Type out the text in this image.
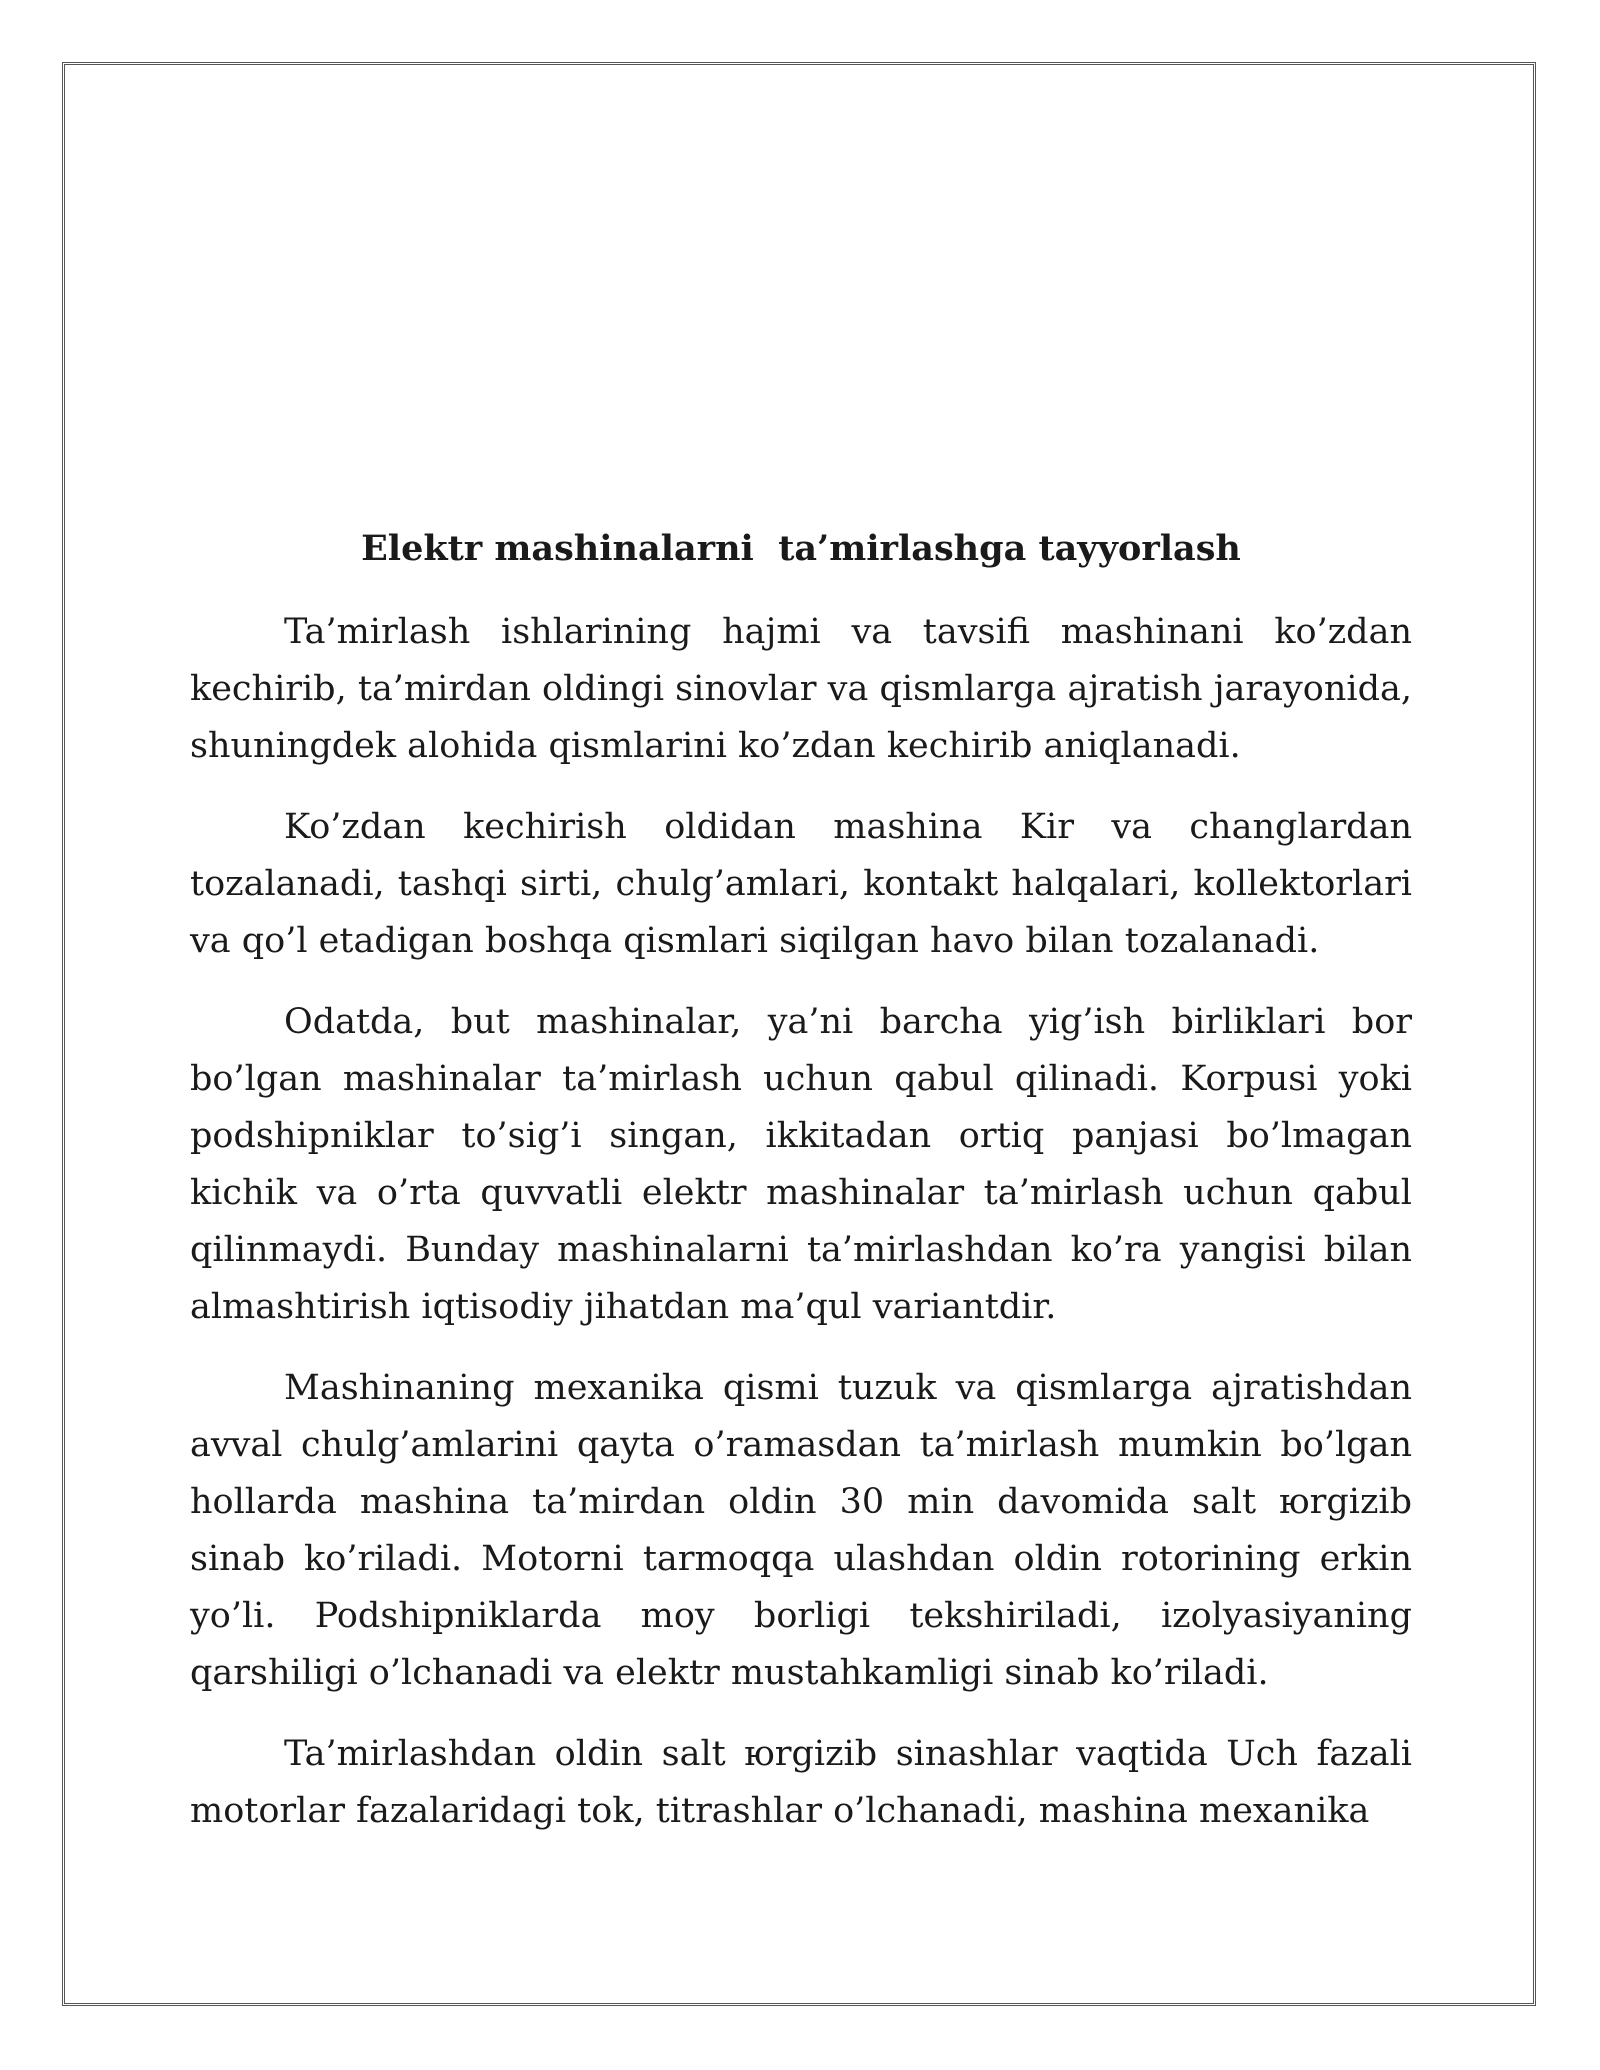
Elektr mashinalarni  ta’mirlashga tayyorlash

Ta’mirlash ishlarining hajmi va tavsifi mashinani ko’zdan kechirib, ta’mirdan oldingi sinovlar va qismlarga ajratish jarayonida, shuningdek alohida qismlarini ko’zdan kechirib aniqlanadi.

Ko’zdan kechirish oldidan mashina Kir va changlardan tozalanadi, tashqi sirti, chulg’amlari, kontakt halqalari, kollektorlari va qo’l etadigan boshqa qismlari siqilgan havo bilan tozalanadi.

Odatda, but mashinalar, ya’ni barcha yig’ish birliklari bor bo’lgan mashinalar ta’mirlash uchun qabul qilinadi. Korpusi yoki podshipniklar to’sig’i singan, ikkitadan ortiq panjasi bo’lmagan kichik va o’rta quvvatli elektr mashinalar ta’mirlash uchun qabul qilinmaydi. Bunday mashinalarni ta’mirlashdan ko’ra yangisi bilan almashtirish iqtisodiy jihatdan ma’qul variantdir.

Mashinaning mexanika qismi tuzuk va qismlarga ajratishdan avval chulg’amlarini qayta o’ramasdan ta’mirlash mumkin bo’lgan hollarda mashina ta’mirdan oldin 30 min davomida salt юrgizib sinab ko’riladi. Motorni tarmoqqa ulashdan oldin rotorining erkin yo’li. Podshipniklarda moy borligi tekshiriladi, izolyasiyaning qarshiligi o’lchanadi va elektr mustahkamligi sinab ko’riladi.

Ta’mirlashdan oldin salt юrgizib sinashlar vaqtida Uch fazali motorlar fazalaridagi tok, titrashlar o’lchanadi, mashina mexanika
